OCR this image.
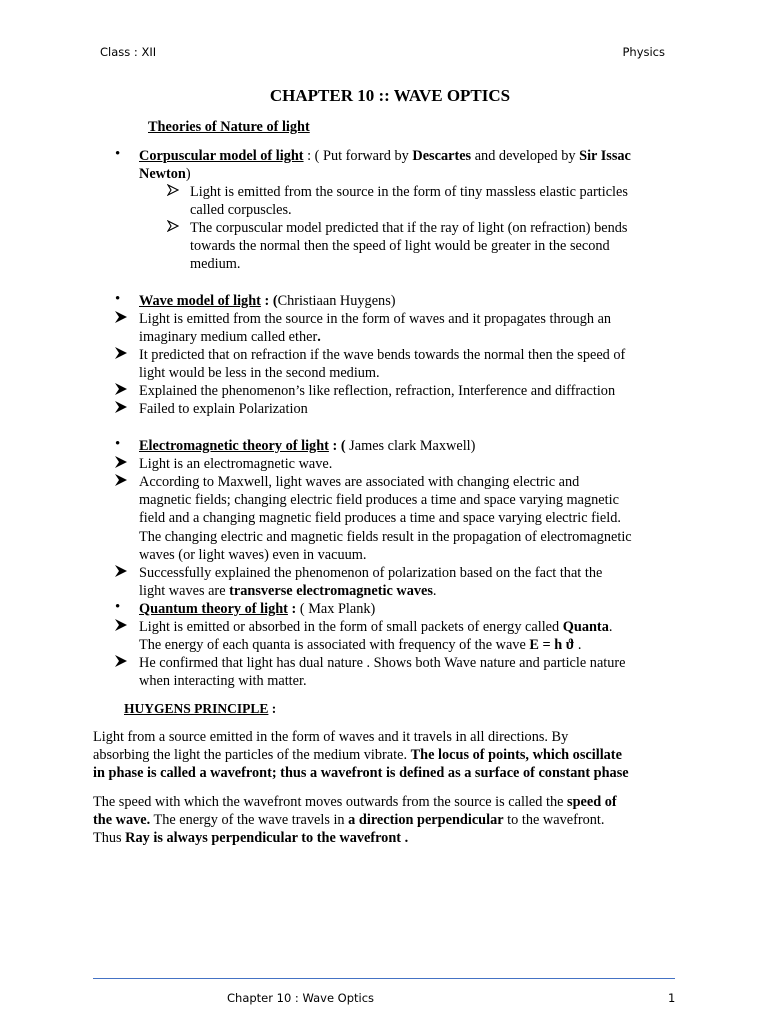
Class : XII	Physics
CHAPTER 10 :: WAVE OPTICS
Theories of Nature of light
• Corpuscular model of light : ( Put forward by Descartes and developed by Sir Issac
Newton)
Light is emitted from the source in the form of tiny massless elastic particles
called corpuscles.
The corpuscular model predicted that if the ray of light (on refraction) bends
towards the normal then the speed of light would be greater in the second
medium.
• Wave model of light : (Christiaan Huygens)
Light is emitted from the source in the form of waves and it propagates through an
imaginary medium called ether.
It predicted that on refraction if the wave bends towards the normal then the speed of
light would be less in the second medium.
Explained the phenomenon’s like reflection, refraction, Interference and diffraction
Failed to explain Polarization
• Electromagnetic theory of light : ( James clark Maxwell)
Light is an electromagnetic wave.
According to Maxwell, light waves are associated with changing electric and
magnetic fields; changing electric field produces a time and space varying magnetic
field and a changing magnetic field produces a time and space varying electric field.
The changing electric and magnetic fields result in the propagation of electromagnetic
waves (or light waves) even in vacuum.
Successfully explained the phenomenon of polarization based on the fact that the
light waves are transverse electromagnetic waves.
• Quantum theory of light : ( Max Plank)
Light is emitted or absorbed in the form of small packets of energy called Quanta.
The energy of each quanta is associated with frequency of the wave E = h ϑ .
He confirmed that light has dual nature . Shows both Wave nature and particle nature
when interacting with matter.
HUYGENS PRINCIPLE :
Light from a source emitted in the form of waves and it travels in all directions. By
absorbing the light the particles of the medium vibrate. The locus of points, which oscillate
in phase is called a wavefront; thus a wavefront is defined as a surface of constant phase
The speed with which the wavefront moves outwards from the source is called the speed of
the wave. The energy of the wave travels in a direction perpendicular to the wavefront.
Thus Ray is always perpendicular to the wavefront .
Chapter 10 : Wave Optics	1
